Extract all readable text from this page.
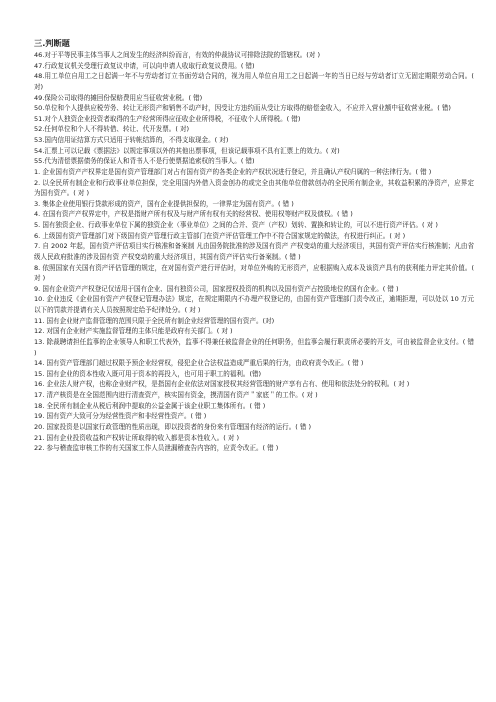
三.判断题

46.对于平等民事主体当事人之间发生的经济纠纷而言，有效的仲裁协议可排除法院的管辖权。(对 )

47.行政复议机关受理行政复议申请，可以向申请人收取行政复议费用。( 错)

48.用工单位自用工之日起满一年不与劳动者订立书面劳动合同的，视为用人单位自用工之日起满一年的当日已经与劳动者订立无固定期限劳动合同。( 对)

49.保险公司取得的摊回份保赔费用应当征收营业税。( 错)

50.单位和个人提供应税劳务、转让无形资产和销售不动产时，因受让方违约而从受让方取得的赔偿金收入，不应并入营业额中征收营业税。( 错)

51.对个人独资企业投资者取得的生产经营所得应征收企业所得税，不征收个人所得税。( 错)

52.任何单位和个人不得转借、转让、代开发票。( 对)

53.国内信用证结算方式只适用于转帐结算的，不得支取现金。( 对)

54.汇票上可以记载《票据法》以规定事项以外的其他出票事项，但该记载事项不具有汇票上的效力。( 对)

55.代为清偿票据债务的保证人和背书人不是行使票据追索权的当事人。( 错)

1. 企业国有资产产权界定是国有资产管理部门对占有国有资产的各类企业的产权状况进行登记，并且确认产权归属的一种法律行为。( 错 )

2. 以全民所有制企业和行政事业单位担保，完全用国内外借入资金创办的或完全由其他单位借款创办的全民所有制企业，其收益积累的净资产，应界定为国有资产。( 对 )

3. 集体企业使用银行贷款形成的资产，国有企业提供担保的，一律界定为国有资产。( 错 )

4. 在国有资产产权界定中，产权是指财产所有权及与财产所有权有关的经营权、使用权等财产权及债权。( 错 )

5. 国有独资企业、行政事业单位下属的独资企业（事业单位）之间的合并、资产（产权）划转、置换和转让的，可以不进行资产评估。( 对 )

6. 上级国有资产管理部门对下级国有资产管理行政主管部门在资产评估管理工作中不符合国家规定的做法，有权进行纠正。( 对 )

7. 自 2002 年起，国有资产评估项目实行核准和备案制 凡由国务院批准的涉及国有资产 产权变动的重大经济项目，其国有资产评估实行核准制；凡由省级人民政府批准的涉及国有资 产权变动的重大经济项目，其国有资产评估实行备案制。( 错 )

8. 依照国家有关国有资产评估管理的规定，在对国有资产进行评估时，对单位外购的无形资产，应根据购入成本及该资产具有的获利能力评定其价值。( 对 )

9. 国有企业资产产权登记仅适用于国有企业、国有独资公司，国家授权投资的机构以及国有资产占控股地位的国有企业。( 错 )

10. 企业违反《企业国有资产产权登记管理办法》规定，在规定期限内不办理产权登记的，由国有资产管理部门责令改正，逾期拒理，可以处以 10 万元以下的罚款并提请有关人员按照规定给予纪律处分。( 对 )

11. 国有企业财产监督管理的范围只限于全民所有制企业经营管理的国有资产。(对)

12. 对国有企业财产实施监督管理的主体只能是政府有关部门。( 对 )

13. 除裁聘请担任监事的企业领导人和职工代表外，监事不得兼任被监督企业的任何职务，但监事会履行职责所必要的开支，可由被监督企业支付。( 错 )

14. 国有资产管理部门超过权限予预企业经营权，侵犯企业合法权益造成严重后果的行为，由政府责令改正。( 错 )

15. 国有企业的资本性收入既可用于资本的再投入，也可用于职工的福利。(错)

16. 企业法人财产权，也称企业财产权，是指国有企业依法对国家授权其经营管理的财产享有占有、使用和依法处分的权利。( 对 )

17. 清产核资是在全国范围内进行清查资产，核实国有资金，摸清国有资产＂家底＂的工作。( 对 )

18. 全民所有制企业从税后利润中提取的公益金属于该企业职工集体所有。( 错 )

19. 国有资产大致可分为经营性资产和非经营性资产。( 错 )

20. 国家投资是以国家行政管理的性质出现，即以投资者的身份来有管理国有经济的运行。( 错 )

21. 国有企业投资收益和产权转让所取得的收入都是资本性收入。( 对 )

22. 参与稽查监审核工作的有关国家工作人员泄漏稽查告内容的，应责令改正。( 错 )
